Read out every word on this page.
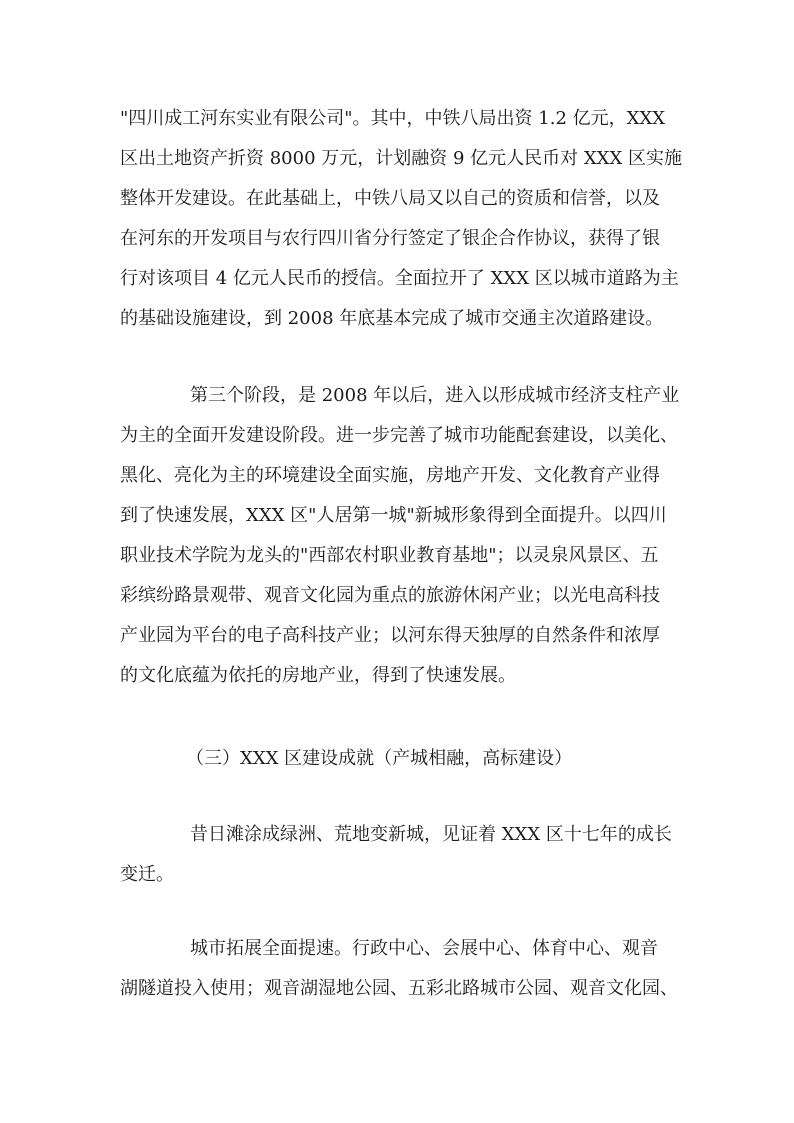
"四川成工河东实业有限公司"。其中，中铁八局出资 1.2 亿元，XXX
区出土地资产折资 8000 万元，计划融资 9 亿元人民币对 XXX 区实施
整体开发建设。在此基础上，中铁八局又以自己的资质和信誉，以及
在河东的开发项目与农行四川省分行签定了银企合作协议，获得了银
行对该项目 4 亿元人民币的授信。全面拉开了 XXX 区以城市道路为主
的基础设施建设，到 2008 年底基本完成了城市交通主次道路建设。
第三个阶段，是 2008 年以后，进入以形成城市经济支柱产业
为主的全面开发建设阶段。进一步完善了城市功能配套建设，以美化、
黑化、亮化为主的环境建设全面实施，房地产开发、文化教育产业得
到了快速发展，XXX 区"人居第一城"新城形象得到全面提升。以四川
职业技术学院为龙头的"西部农村职业教育基地"；以灵泉风景区、五
彩缤纷路景观带、观音文化园为重点的旅游休闲产业；以光电高科技
产业园为平台的电子高科技产业；以河东得天独厚的自然条件和浓厚
的文化底蕴为依托的房地产业，得到了快速发展。
（三）XXX 区建设成就（产城相融，高标建设）
昔日滩涂成绿洲、荒地变新城，见证着 XXX 区十七年的成长
变迁。
城市拓展全面提速。行政中心、会展中心、体育中心、观音
湖隧道投入使用；观音湖湿地公园、五彩北路城市公园、观音文化园、
